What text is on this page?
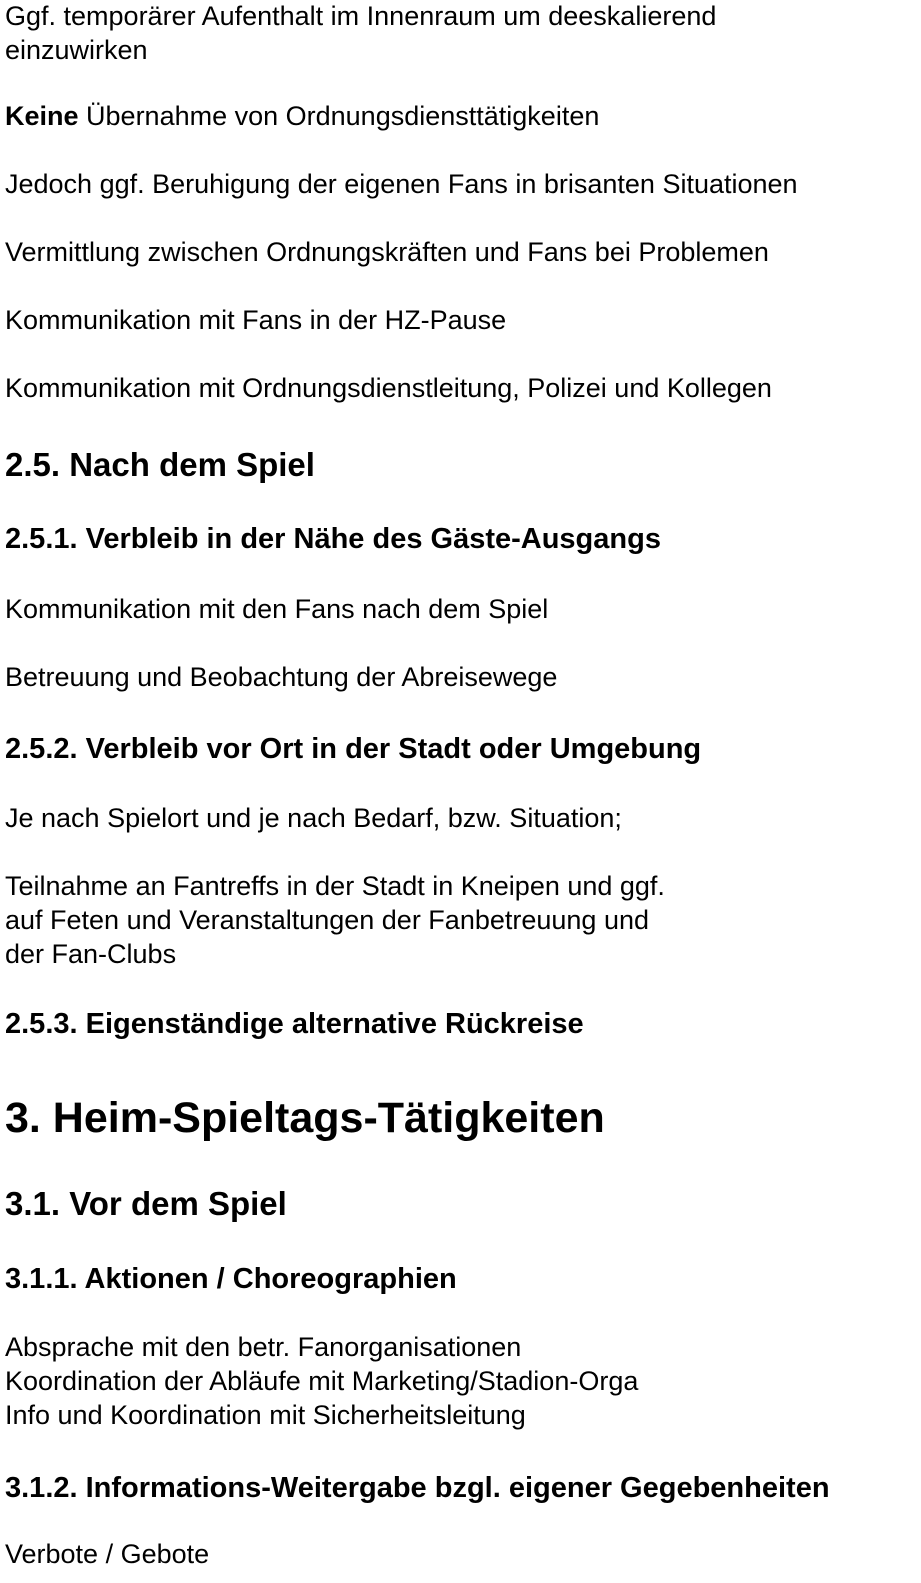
Ggf. temporärer Aufenthalt im Innenraum um deeskalierend
einzuwirken

Keine Übernahme von Ordnungsdiensttätigkeiten

Jedoch ggf. Beruhigung der eigenen Fans in brisanten Situationen

Vermittlung zwischen Ordnungskräften und Fans bei Problemen

Kommunikation mit Fans in der HZ-Pause

Kommunikation mit Ordnungsdienstleitung, Polizei und Kollegen

2.5. Nach dem Spiel
2.5.1. Verbleib in der Nähe des Gäste-Ausgangs

Kommunikation mit den Fans nach dem Spiel

Betreuung und Beobachtung der Abreisewege

2.5.2. Verbleib vor Ort in der Stadt oder Umgebung

Je nach Spielort und je nach Bedarf, bzw. Situation;

Teilnahme an Fantreffs in der Stadt in Kneipen und ggf.
auf Feten und Veranstaltungen der Fanbetreuung und
der Fan-Clubs

2.5.3. Eigenständige alternative Rückreise
3. Heim-Spieltags-Tätigkeiten
3.1. Vor dem Spiel
3.1.1. Aktionen / Choreographien

Absprache mit den betr. Fanorganisationen
Koordination der Abläufe mit Marketing/Stadion-Orga
Info und Koordination mit Sicherheitsleitung

3.1.2. Informations-Weitergabe bzgl. eigener Gegebenheiten

Verbote / Gebote
